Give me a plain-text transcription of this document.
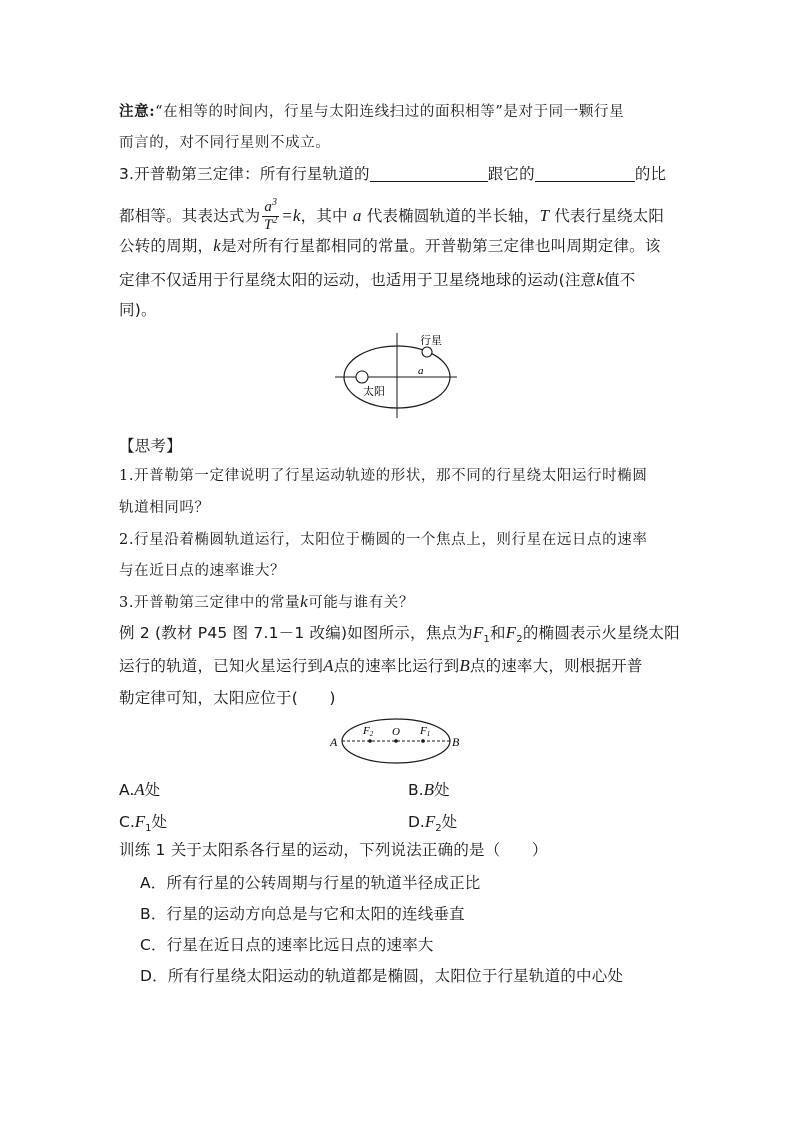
注意:“在相等的时间内，行星与太阳连线扫过的面积相等”是对于同一颗行星
而言的，对不同行星则不成立。
3.开普勒第三定律：所有行星轨道的	跟它的	的比
都相等。其表达式为 $\frac{a^3}{T^2} =k$，其中 a 代表椭圆轨道的半长轴，T 代表行星绕太阳
公转的周期，k是对所有行星都相同的常量。开普勒第三定律也叫周期定律。该
定律不仅适用于行星绕太阳的运动，也适用于卫星绕地球的运动(注意k值不
同)。
行星
太阳
a
【思考】
1.开普勒第一定律说明了行星运动轨迹的形状，那不同的行星绕太阳运行时椭圆
轨道相同吗？
2.行星沿着椭圆轨道运行，太阳位于椭圆的一个焦点上，则行星在远日点的速率
与在近日点的速率谁大？
3.开普勒第三定律中的常量k可能与谁有关？
例 2 (教材 P45 图 7.1－1 改编)如图所示，焦点为$F_1$和$F_2$的椭圆表示火星绕太阳
运行的轨道，已知火星运行到A点的速率比运行到B点的速率大，则根据开普
勒定律可知，太阳应位于(　　)
A	B
O
F2	F1
A.A处	B.B处
$C.F_1$处	$D.F_2$处
训练 1 关于太阳系各行星的运动，下列说法正确的是（　　）
A．所有行星的公转周期与行星的轨道半径成正比
B．行星的运动方向总是与它和太阳的连线垂直
C．行星在近日点的速率比远日点的速率大
D．所有行星绕太阳运动的轨道都是椭圆，太阳位于行星轨道的中心处
